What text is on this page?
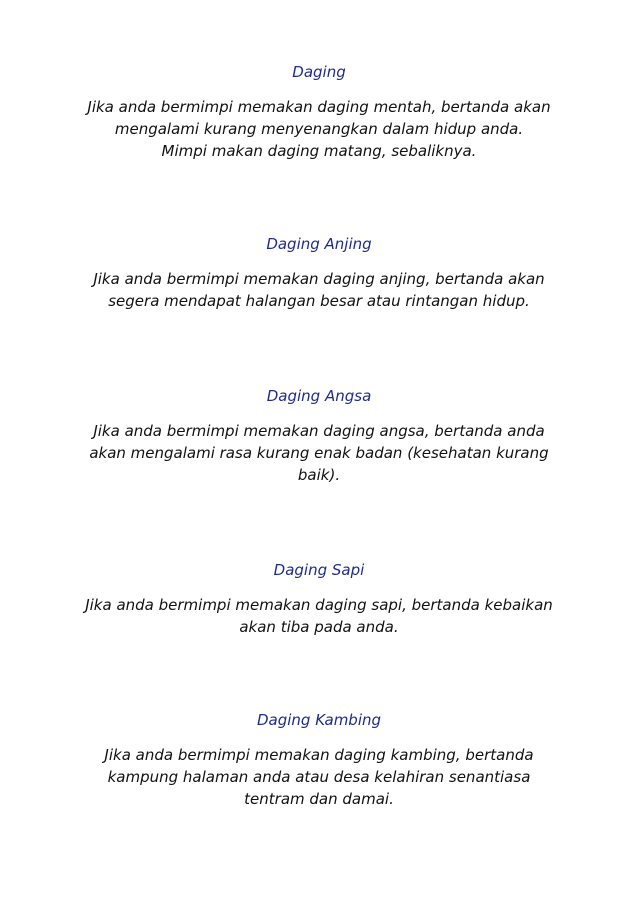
Daging

Jika anda bermimpi memakan daging mentah, bertanda akan
mengalami kurang menyenangkan dalam hidup anda.
Mimpi makan daging matang, sebaliknya.

Daging Anjing

Jika anda bermimpi memakan daging anjing, bertanda akan
segera mendapat halangan besar atau rintangan hidup.

Daging Angsa

Jika anda bermimpi memakan daging angsa, bertanda anda
akan mengalami rasa kurang enak badan (kesehatan kurang
baik).

Daging Sapi

Jika anda bermimpi memakan daging sapi, bertanda kebaikan
akan tiba pada anda.

Daging Kambing

Jika anda bermimpi memakan daging kambing, bertanda
kampung halaman anda atau desa kelahiran senantiasa
tentram dan damai.
